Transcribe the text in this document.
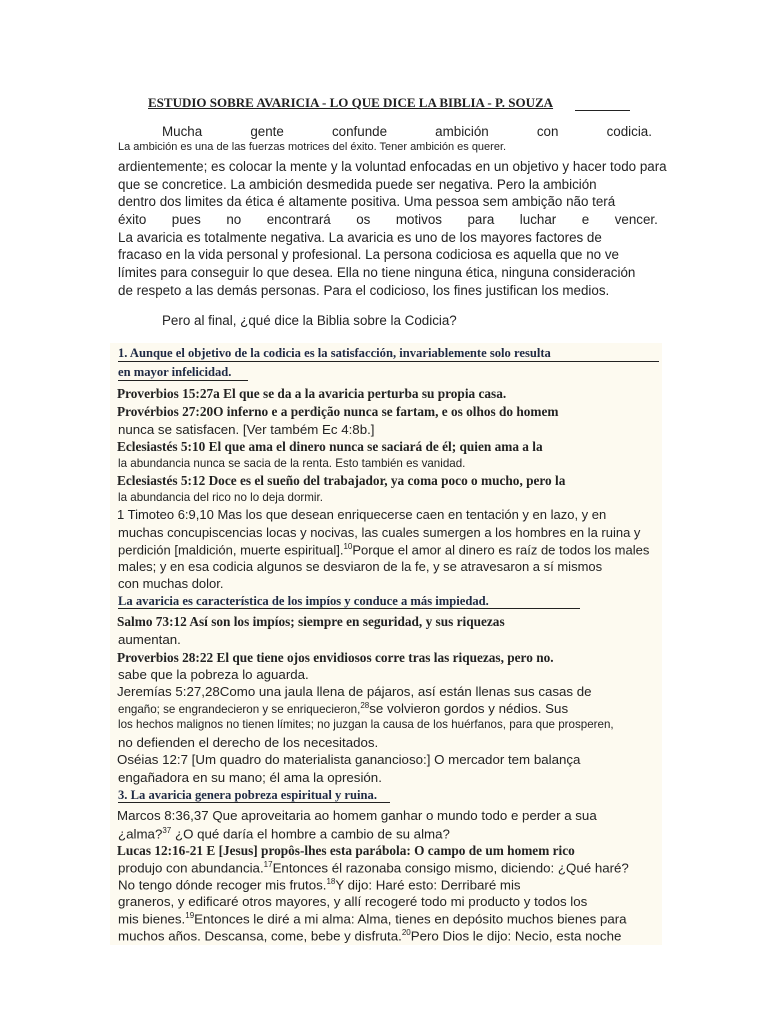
ESTUDIO SOBRE AVARICIA - LO QUE DICE LA BIBLIA - P. SOUZA
Mucha	gente	confunde	ambición	con	codicia.
La ambición es una de las fuerzas motrices del éxito. Tener ambición es querer.
ardientemente; es colocar la mente y la voluntad enfocadas en un objetivo y hacer todo para
que se concretice. La ambición desmedida puede ser negativa. Pero la ambición
dentro dos limites da ética é altamente positiva. Uma pessoa sem ambição não terá
éxito pues no encontrará os motivos para luchar e vencer.
La avaricia es totalmente negativa. La avaricia es uno de los mayores factores de
fracaso en la vida personal y profesional. La persona codiciosa es aquella que no ve
límites para conseguir lo que desea. Ella no tiene ninguna ética, ninguna consideración
de respeto a las demás personas. Para el codicioso, los fines justifican los medios.
Pero al final, ¿qué dice la Biblia sobre la Codicia?
1. Aunque el objetivo de la codicia es la satisfacción, invariablemente solo resulta
en mayor infelicidad.
Proverbios 15:27a El que se da a la avaricia perturba su propia casa.
Provérbios 27:20O inferno e a perdição nunca se fartam, e os olhos do homem
nunca se satisfacen. [Ver também Ec 4:8b.]
Eclesiastés 5:10 El que ama el dinero nunca se saciará de él; quien ama a la
la abundancia nunca se sacia de la renta. Esto también es vanidad.
Eclesiastés 5:12 Doce es el sueño del trabajador, ya coma poco o mucho, pero la
la abundancia del rico no lo deja dormir.
1 Timoteo 6:9,10 Mas los que desean enriquecerse caen en tentación y en lazo, y en
muchas concupiscencias locas y nocivas, las cuales sumergen a los hombres en la ruina y
perdición [maldición, muerte espiritual].$^{10}$Porque el amor al dinero es raíz de todos los males
males; y en esa codicia algunos se desviaron de la fe, y se atravesaron a sí mismos
con muchas dolor.
La avaricia es característica de los impíos y conduce a más impiedad.
Salmo 73:12 Así son los impíos; siempre en seguridad, y sus riquezas
aumentan.
Proverbios 28:22 El que tiene ojos envidiosos corre tras las riquezas, pero no.
sabe que la pobreza lo aguarda.
Jeremías 5:27,28Como una jaula llena de pájaros, así están llenas sus casas de
engaño; se engrandecieron y se enriquecieron,$^{28}$se volvieron gordos y nédios. Sus
los hechos malignos no tienen límites; no juzgan la causa de los huérfanos, para que prosperen,
no defienden el derecho de los necesitados.
Oséias 12:7 [Um quadro do materialista ganancioso:] O mercador tem balança
engañadora en su mano; él ama la opresión.
3. La avaricia genera pobreza espiritual y ruina.
Marcos 8:36,37 Que aproveitaria ao homem ganhar o mundo todo e perder a sua
¿alma?$^{37}$ ¿O qué daría el hombre a cambio de su alma?
Lucas 12:16-21 E [Jesus] propôs-lhes esta parábola: O campo de um homem rico
produjo con abundancia.$^{17}$Entonces él razonaba consigo mismo, diciendo: ¿Qué haré?
No tengo dónde recoger mis frutos.$^{18}$Y dijo: Haré esto: Derribaré mis
graneros, y edificaré otros mayores, y allí recogeré todo mi producto y todos los
mis bienes.$^{19}$Entonces le diré a mi alma: Alma, tienes en depósito muchos bienes para
muchos años. Descansa, come, bebe y disfruta.$^{20}$Pero Dios le dijo: Necio, esta noche
